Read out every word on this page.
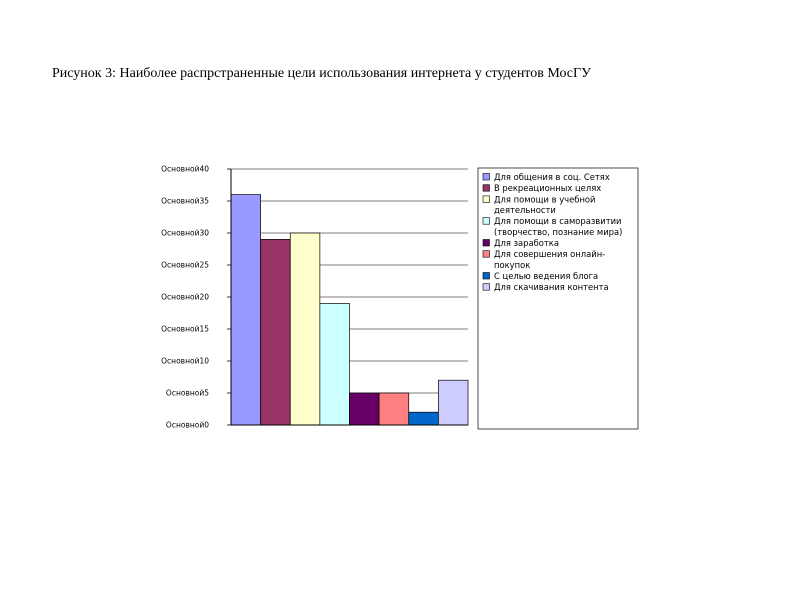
Рисунок 3: Наиболее распрстраненные цели использования интернета у студентов МосГУ
Основной0
Основной5
Основной10
Основной15
Основной20
Основной25
Основной30
Основной35
Основной40
Для общения в соц. Сетях
В рекреационных целях
Для помощи в учебной
деятельности
Для помощи в саморазвитии
(творчество, познание мира)
Для заработка
Для совершения онлайн-
покупок
С целью ведения блога
Для скачивания контента
